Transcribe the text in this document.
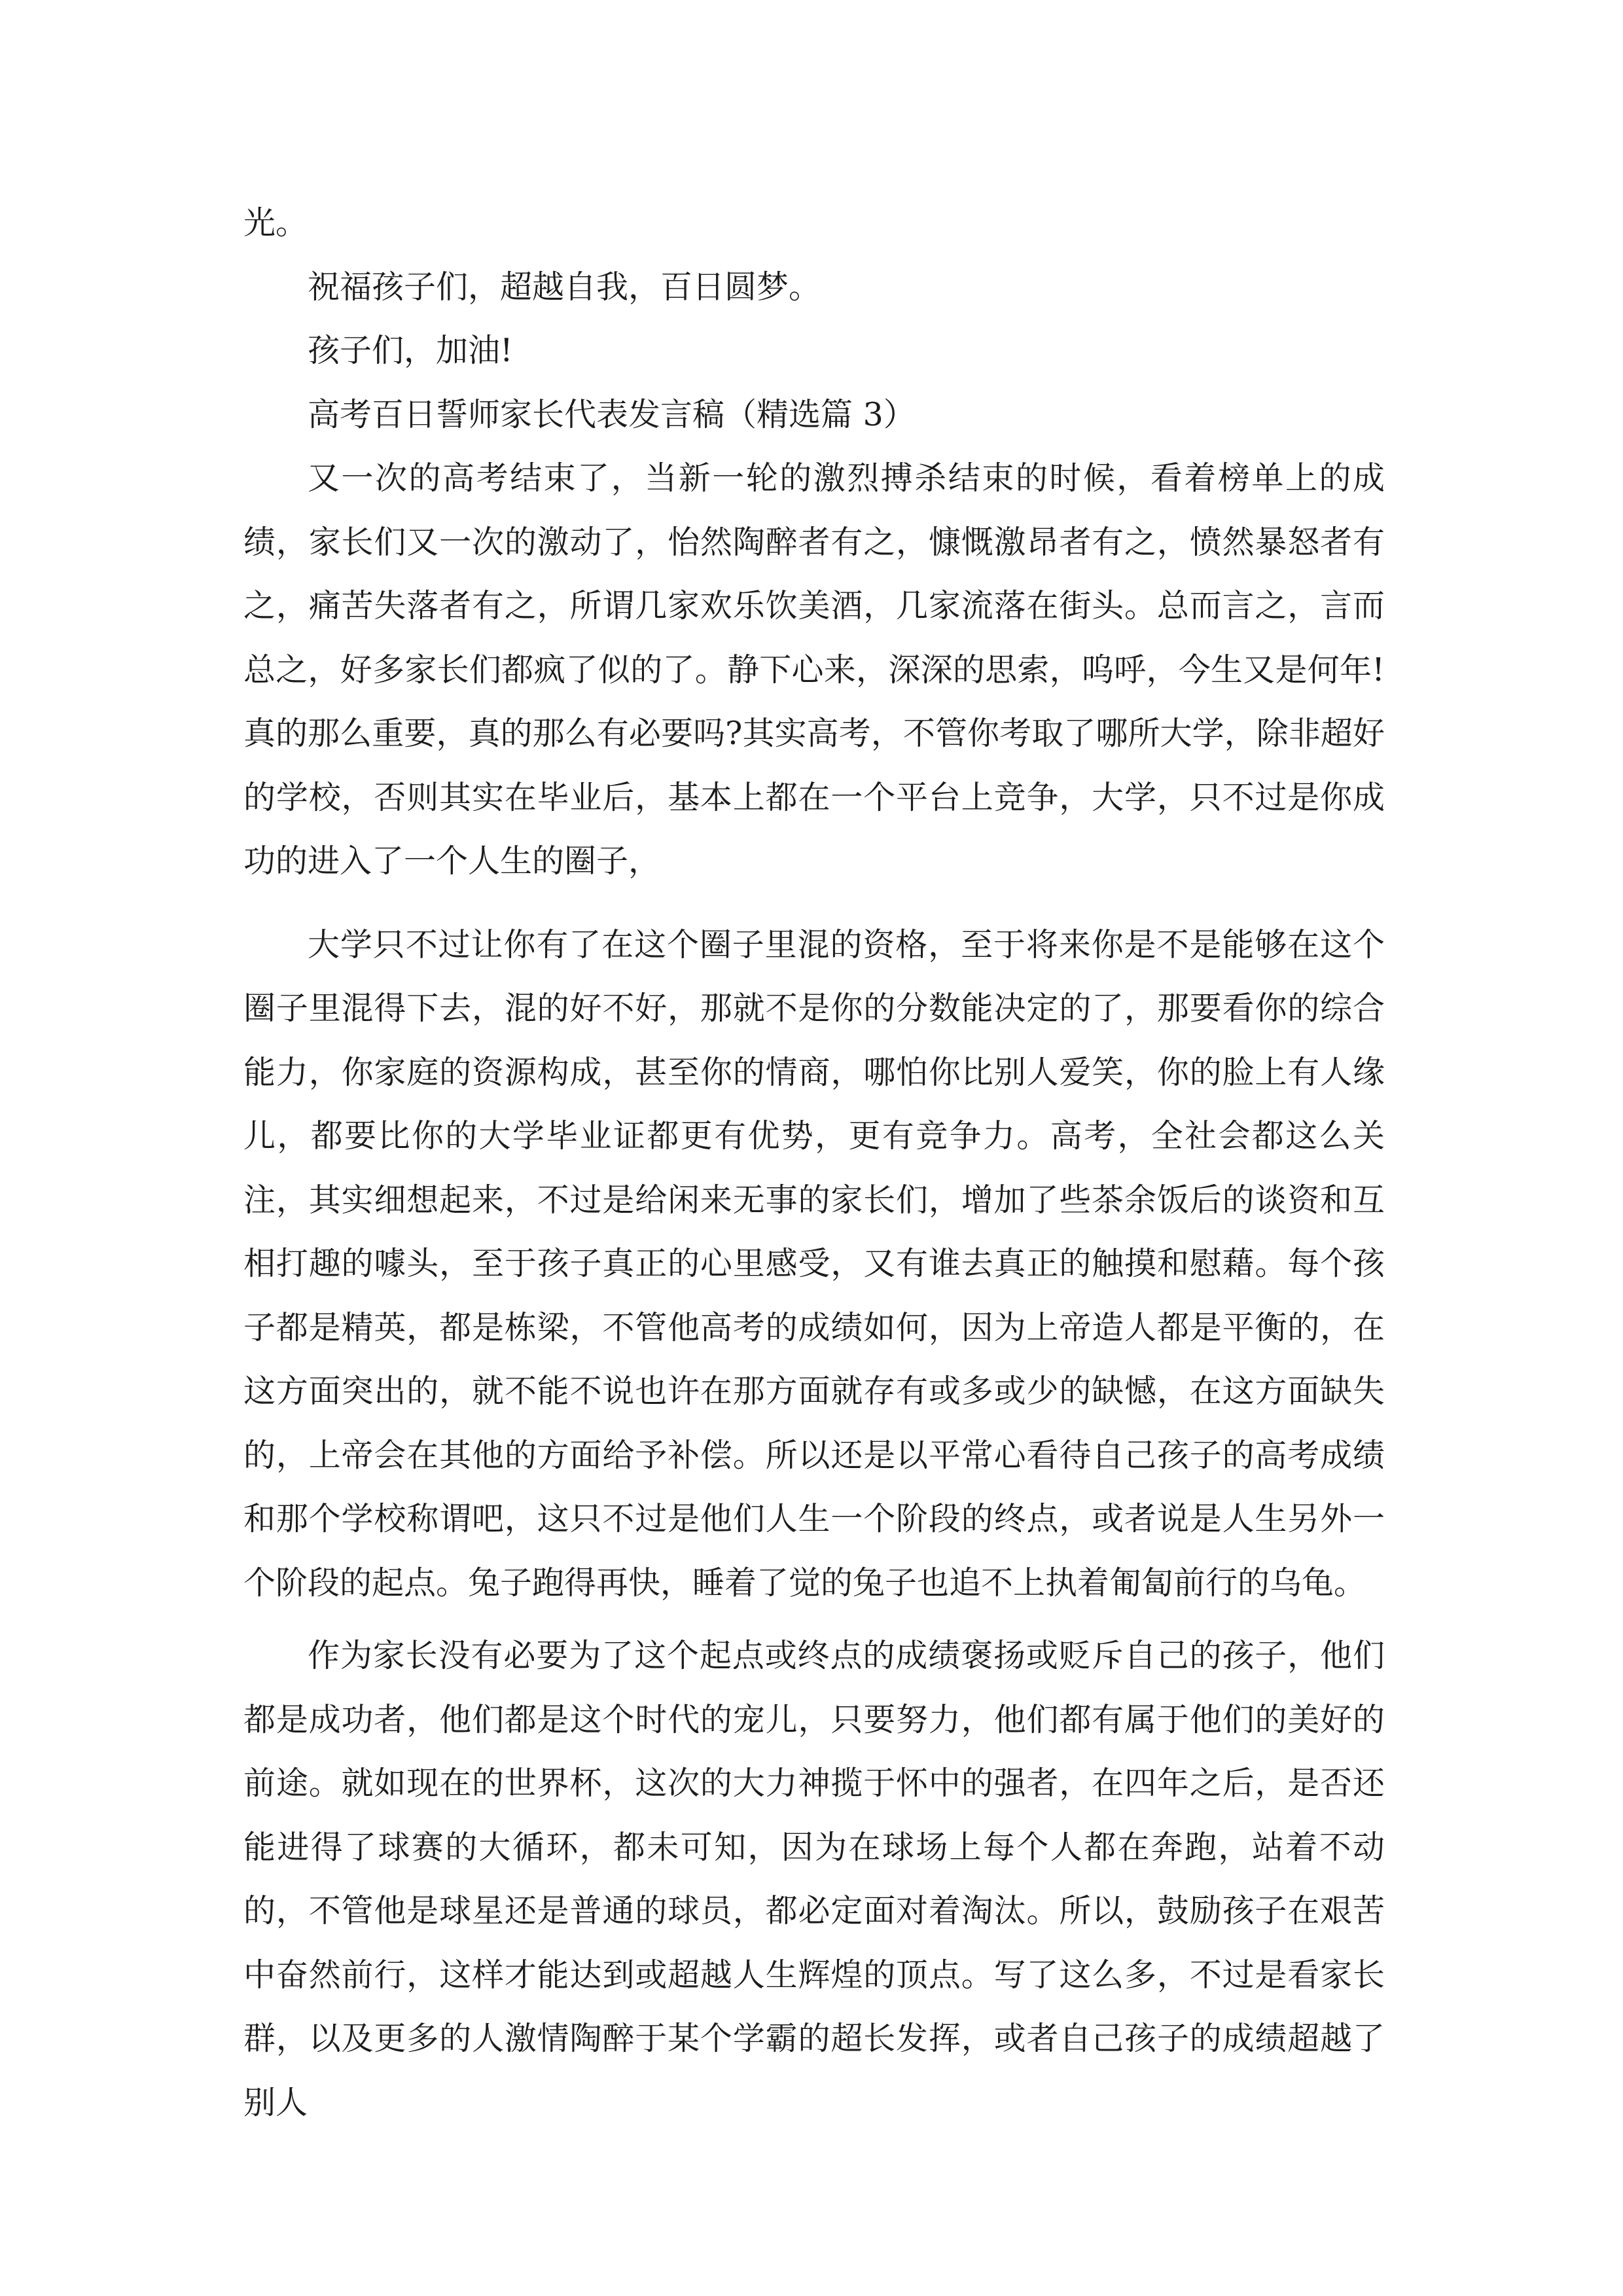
光。

祝福孩子们，超越自我，百日圆梦。

孩子们，加油!

高考百日誓师家长代表发言稿（精选篇 3）

又一次的高考结束了，当新一轮的激烈搏杀结束的时候，看着榜单上的成绩，家长们又一次的激动了，怡然陶醉者有之，慷慨激昂者有之，愤然暴怒者有之，痛苦失落者有之，所谓几家欢乐饮美酒，几家流落在街头。总而言之，言而总之，好多家长们都疯了似的了。静下心来，深深的思索，呜呼，今生又是何年!真的那么重要，真的那么有必要吗?其实高考，不管你考取了哪所大学，除非超好的学校，否则其实在毕业后，基本上都在一个平台上竞争，大学，只不过是你成功的进入了一个人生的圈子，

大学只不过让你有了在这个圈子里混的资格，至于将来你是不是能够在这个圈子里混得下去，混的好不好，那就不是你的分数能决定的了，那要看你的综合能力，你家庭的资源构成，甚至你的情商，哪怕你比别人爱笑，你的脸上有人缘儿，都要比你的大学毕业证都更有优势，更有竞争力。高考，全社会都这么关注，其实细想起来，不过是给闲来无事的家长们，增加了些茶余饭后的谈资和互相打趣的噱头，至于孩子真正的心里感受，又有谁去真正的触摸和慰藉。每个孩子都是精英，都是栋梁，不管他高考的成绩如何，因为上帝造人都是平衡的，在这方面突出的，就不能不说也许在那方面就存有或多或少的缺憾，在这方面缺失的，上帝会在其他的方面给予补偿。所以还是以平常心看待自己孩子的高考成绩和那个学校称谓吧，这只不过是他们人生一个阶段的终点，或者说是人生另外一个阶段的起点。兔子跑得再快，睡着了觉的兔子也追不上执着匍匐前行的乌龟。

作为家长没有必要为了这个起点或终点的成绩褒扬或贬斥自己的孩子，他们都是成功者，他们都是这个时代的宠儿，只要努力，他们都有属于他们的美好的前途。就如现在的世界杯，这次的大力神揽于怀中的强者，在四年之后，是否还能进得了球赛的大循环，都未可知，因为在球场上每个人都在奔跑，站着不动的，不管他是球星还是普通的球员，都必定面对着淘汰。所以，鼓励孩子在艰苦中奋然前行，这样才能达到或超越人生辉煌的顶点。写了这么多，不过是看家长群，以及更多的人激情陶醉于某个学霸的超长发挥，或者自己孩子的成绩超越了别人
